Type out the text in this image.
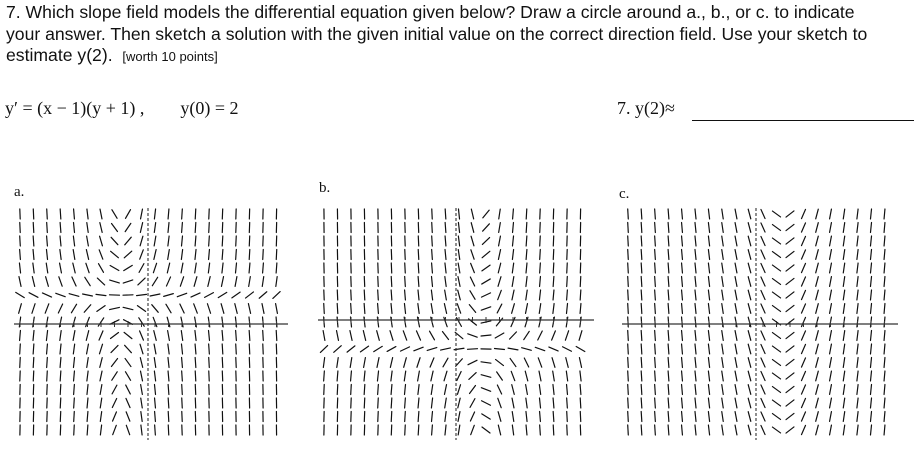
7. Which slope field models the differential equation given below? Draw a circle around a., b., or c. to indicate
your answer. Then sketch a solution with the given initial value on the correct direction field. Use your sketch to
estimate y(2). [worth 10 points]
y′ = (x − 1)(y + 1) , y(0) = 2	7. y(2)≈
a.	b.	c.
